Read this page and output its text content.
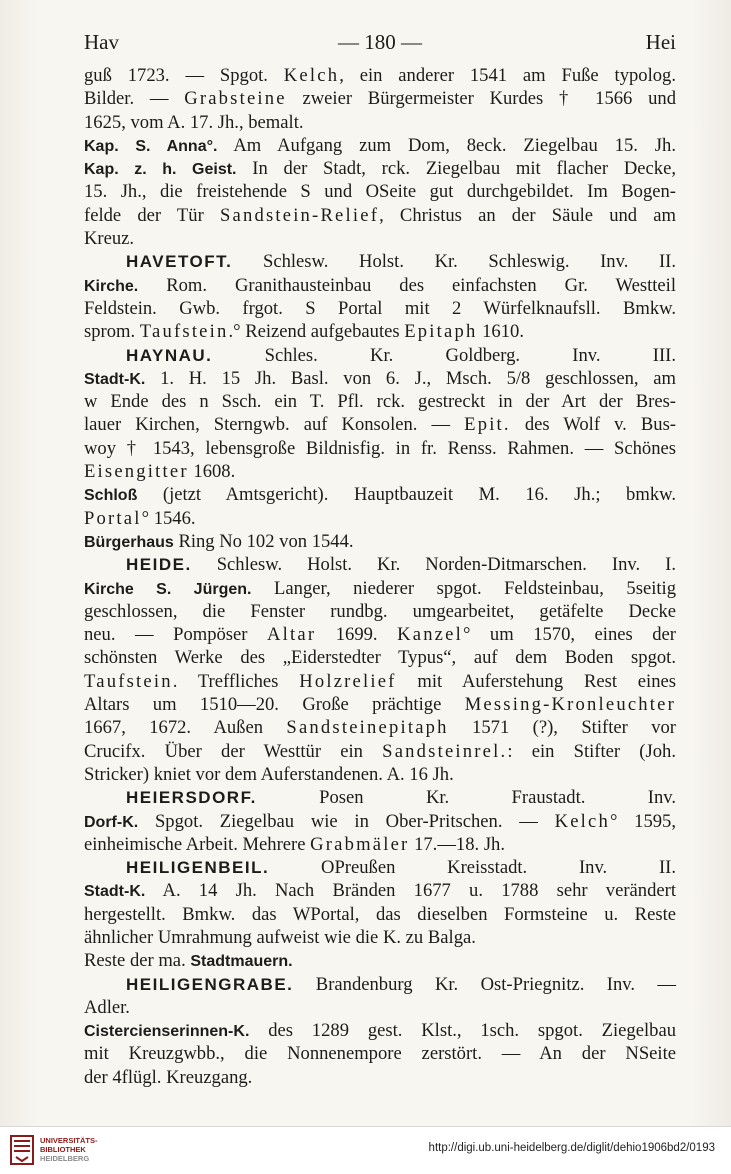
Hav	— 180 —	Hei
guß 1723. — Spgot. Kelch, ein anderer 1541 am Fuße typolog.
Bilder. — Grabsteine zweier Bürgermeister Kurdes † 1566 und
1625, vom A. 17. Jh., bemalt.
Kap. S. Anna°. Am Aufgang zum Dom, 8eck. Ziegelbau 15. Jh.
Kap. z. h. Geist. In der Stadt, rck. Ziegelbau mit flacher Decke,
15. Jh., die freistehende S und OSeite gut durchgebildet. Im Bogen-
felde der Tür Sandstein-Relief, Christus an der Säule und am
Kreuz.
HAVETOFT. Schlesw. Holst. Kr. Schleswig. Inv. II.
Kirche. Rom. Granithausteinbau des einfachsten Gr. Westteil
Feldstein. Gwb. frgot. S Portal mit 2 Würfelknaufsll. Bmkw.
sprom. Taufstein.° Reizend aufgebautes Epitaph 1610.
HAYNAU. Schles. Kr. Goldberg. Inv. III.
Stadt-K. 1. H. 15 Jh. Basl. von 6. J., Msch. 5/8 geschlossen, am
w Ende des n Ssch. ein T. Pfl. rck. gestreckt in der Art der Bres-
lauer Kirchen, Sterngwb. auf Konsolen. — Epit. des Wolf v. Bus-
woy † 1543, lebensgroße Bildnisfig. in fr. Renss. Rahmen. — Schönes
Eisengitter 1608.
Schloß (jetzt Amtsgericht). Hauptbauzeit M. 16. Jh.; bmkw.
Portal° 1546.
Bürgerhaus Ring No 102 von 1544.
HEIDE. Schlesw. Holst. Kr. Norden-Ditmarschen. Inv. I.
Kirche S. Jürgen. Langer, niederer spgot. Feldsteinbau, 5seitig
geschlossen, die Fenster rundbg. umgearbeitet, getäfelte Decke
neu. — Pompöser Altar 1699. Kanzel° um 1570, eines der
schönsten Werke des „Eiderstedter Typus“, auf dem Boden spgot.
Taufstein. Treffliches Holzrelief mit Auferstehung Rest eines
Altars um 1510—20. Große prächtige Messing-Kronleuchter
1667, 1672. Außen Sandsteinepitaph 1571 (?), Stifter vor
Crucifx. Über der Westtür ein Sandsteinrel.: ein Stifter (Joh.
Stricker) kniet vor dem Auferstandenen. A. 16 Jh.
HEIERSDORF. Posen Kr. Fraustadt. Inv.
Dorf-K. Spgot. Ziegelbau wie in Ober-Pritschen. — Kelch° 1595,
einheimische Arbeit. Mehrere Grabmäler 17.—18. Jh.
HEILIGENBEIL. OPreußen Kreisstadt. Inv. II.
Stadt-K. A. 14 Jh. Nach Bränden 1677 u. 1788 sehr verändert
hergestellt. Bmkw. das WPortal, das dieselben Formsteine u. Reste
ähnlicher Umrahmung aufweist wie die K. zu Balga.
Reste der ma. Stadtmauern.
HEILIGENGRABE. Brandenburg Kr. Ost-Priegnitz. Inv. —
Adler.
Cistercienserinnen-K. des 1289 gest. Klst., 1sch. spgot. Ziegelbau
mit Kreuzgwbb., die Nonnenempore zerstört. — An der NSeite
der 4flügl. Kreuzgang.
UNIVERSITÄTS-
BIBLIOTHEK
HEIDELBERG
http://digi.ub.uni-heidelberg.de/diglit/dehio1906bd2/0193
